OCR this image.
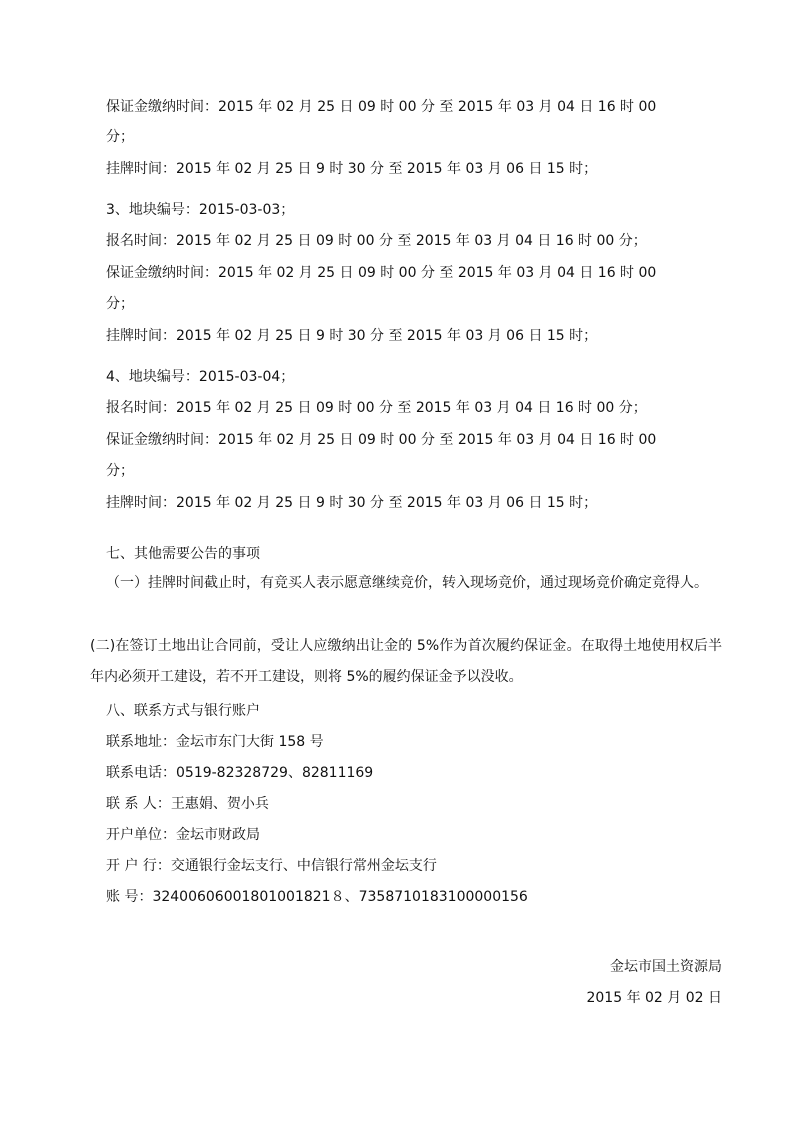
保证金缴纳时间：2015 年 02 月 25 日 09 时 00 分 至 2015 年 03 月 04 日 16 时 00
分；
挂牌时间：2015 年 02 月 25 日 9 时 30 分 至 2015 年 03 月 06 日 15 时；
3、地块编号：2015-03-03；
报名时间：2015 年 02 月 25 日 09 时 00 分 至 2015 年 03 月 04 日 16 时 00 分；
保证金缴纳时间：2015 年 02 月 25 日 09 时 00 分 至 2015 年 03 月 04 日 16 时 00
分；
挂牌时间：2015 年 02 月 25 日 9 时 30 分 至 2015 年 03 月 06 日 15 时；
4、地块编号：2015-03-04；
报名时间：2015 年 02 月 25 日 09 时 00 分 至 2015 年 03 月 04 日 16 时 00 分；
保证金缴纳时间：2015 年 02 月 25 日 09 时 00 分 至 2015 年 03 月 04 日 16 时 00
分；
挂牌时间：2015 年 02 月 25 日 9 时 30 分 至 2015 年 03 月 06 日 15 时；
七、其他需要公告的事项

（一）挂牌时间截止时，有竞买人表示愿意继续竞价，转入现场竞价，通过现场竞价确定竞得人。

(二)在签订土地出让合同前，受让人应缴纳出让金的 5%作为首次履约保证金。在取得土地使用权后半年内必须开工建设，若不开工建设，则将 5%的履约保证金予以没收。

八、联系方式与银行账户
联系地址：金坛市东门大街 158 号
联系电话：0519-82328729、82811169
联 系 人：王惠娟、贺小兵
开户单位：金坛市财政局
开 户 行：交通银行金坛支行、中信银行常州金坛支行
账 号：32400606001801001821８、7358710183100000156
金坛市国土资源局
2015 年 02 月 02 日
